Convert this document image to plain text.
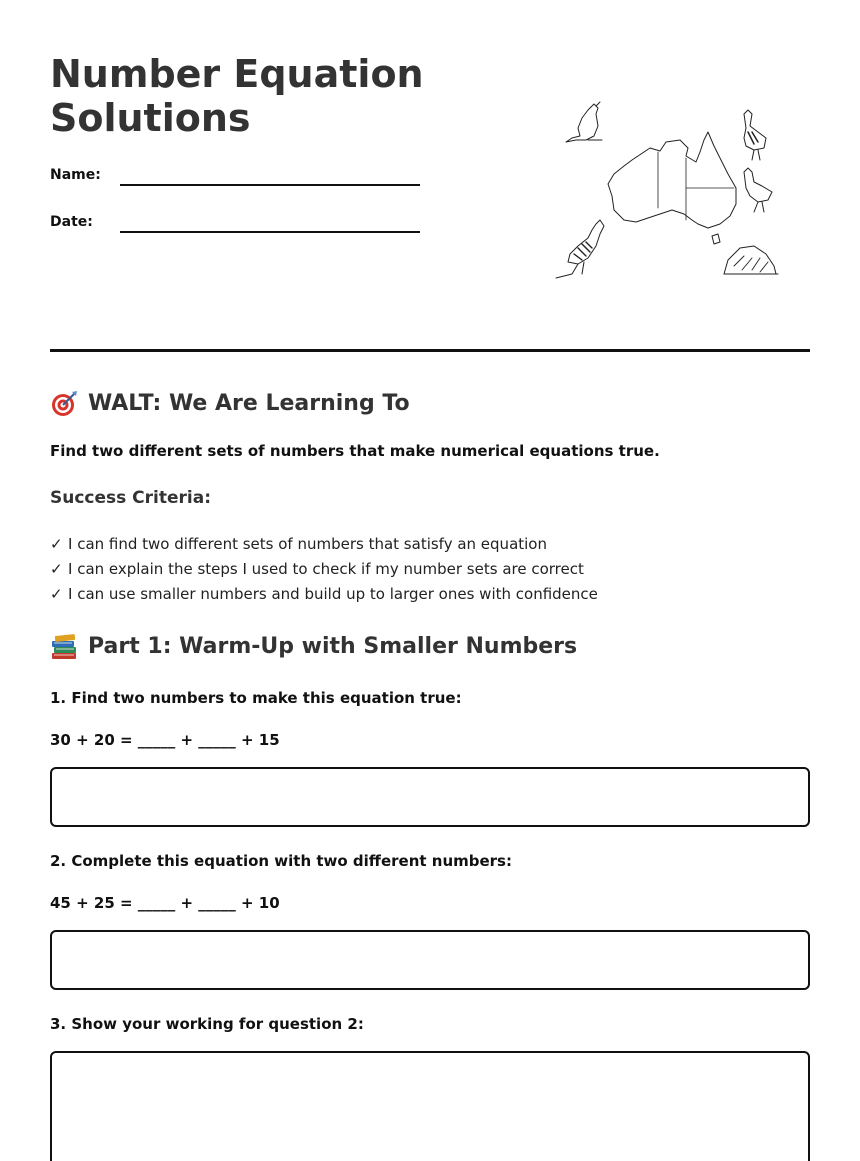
Number Equation Solutions
Name:
Date:
WALT: We Are Learning To
Find two different sets of numbers that make numerical equations true.
Success Criteria:
✓ I can find two different sets of numbers that satisfy an equation
✓ I can explain the steps I used to check if my number sets are correct
✓ I can use smaller numbers and build up to larger ones with confidence
Part 1: Warm-Up with Smaller Numbers
1. Find two numbers to make this equation true:
30 + 20 = _____ + _____ + 15
2. Complete this equation with two different numbers:
45 + 25 = _____ + _____ + 10
3. Show your working for question 2:
